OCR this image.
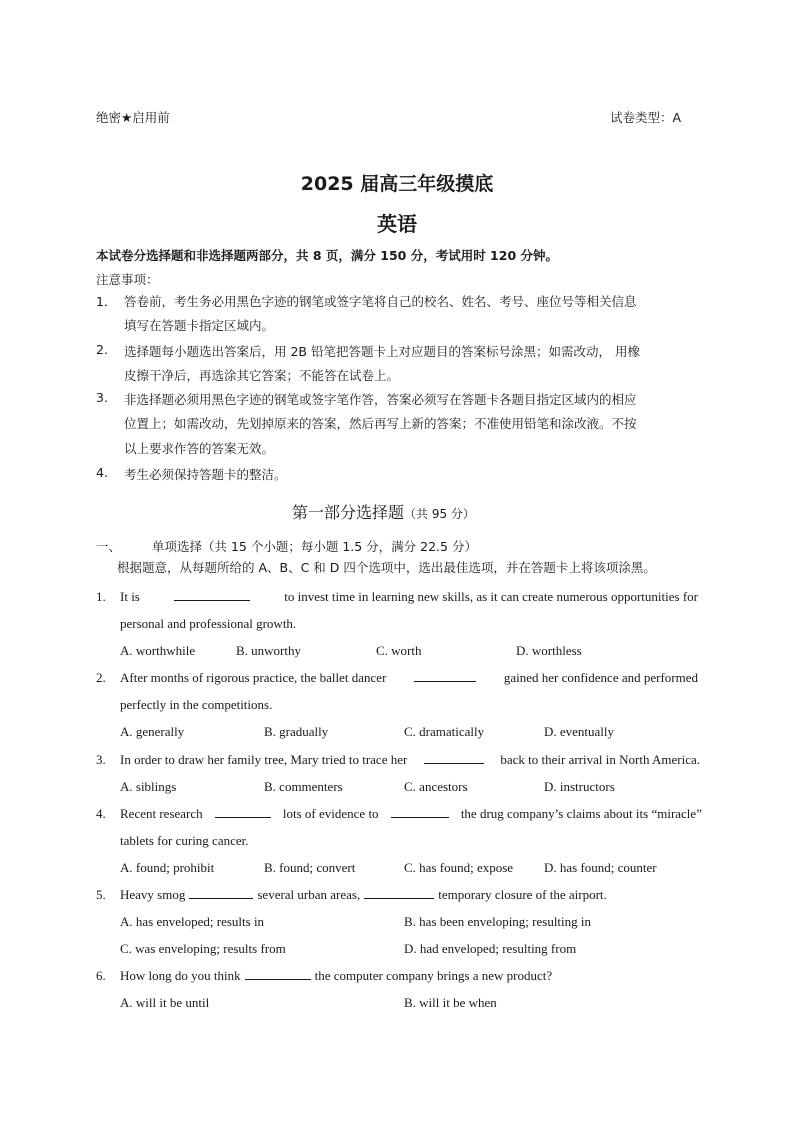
绝密★启用前	试卷类型：A
2025 届高三年级摸底
英语
本试卷分选择题和非选择题两部分，共 8 页，满分 150 分，考试用时 120 分钟。
注意事项：
1． 答卷前，考生务必用黑色字迹的钢笔或签字笔将自己的校名、姓名、考号、座位号等相关信息
填写在答题卡指定区域内。
2. 选择题每小题选出答案后，用 2B 铅笔把答题卡上对应题目的答案标号涂黑；如需改动， 用橡
皮擦干净后，再选涂其它答案；不能答在试卷上。
3. 非选择题必须用黑色字迹的钢笔或签字笔作答，答案必须写在答题卡各题目指定区域内的相应
位置上；如需改动，先划掉原来的答案，然后再写上新的答案；不准使用铅笔和涂改液。不按
以上要求作答的答案无效。
4. 考生必须保持答题卡的整洁。
第一部分选择题（共 95 分）
一、 单项选择（共 15 个小题；每小题 1.5 分，满分 22.5 分）
根据题意，从每题所给的 A、B、C 和 D 四个选项中，选出最佳选项，并在答题卡上将该项涂黑。
1. It is	to invest time in learning new skills, as it can create numerous opportunities for
personal and professional growth.
A. worthwhile	B. unworthy	C. worth	D. worthless
2. After months of rigorous practice, the ballet dancer	gained her confidence and performed
perfectly in the competitions.
A. generally	B. gradually	C. dramatically	D. eventually
3. In order to draw her family tree, Mary tried to trace her	back to their arrival in North America.
A. siblings	B. commenters	C. ancestors	D. instructors
4. Recent research	lots of evidence to	the drug company’s claims about its “miracle”
tablets for curing cancer.
A. found; prohibit	B. found; convert	C. has found; expose D. has found; counter
5. Heavy smog	several urban areas,	temporary closure of the airport.
A. has enveloped; results in	B. has been enveloping; resulting in
C. was enveloping; results from	D. had enveloped; resulting from
6. How long do you think	the computer company brings a new product?
A. will it be until	B. will it be when
